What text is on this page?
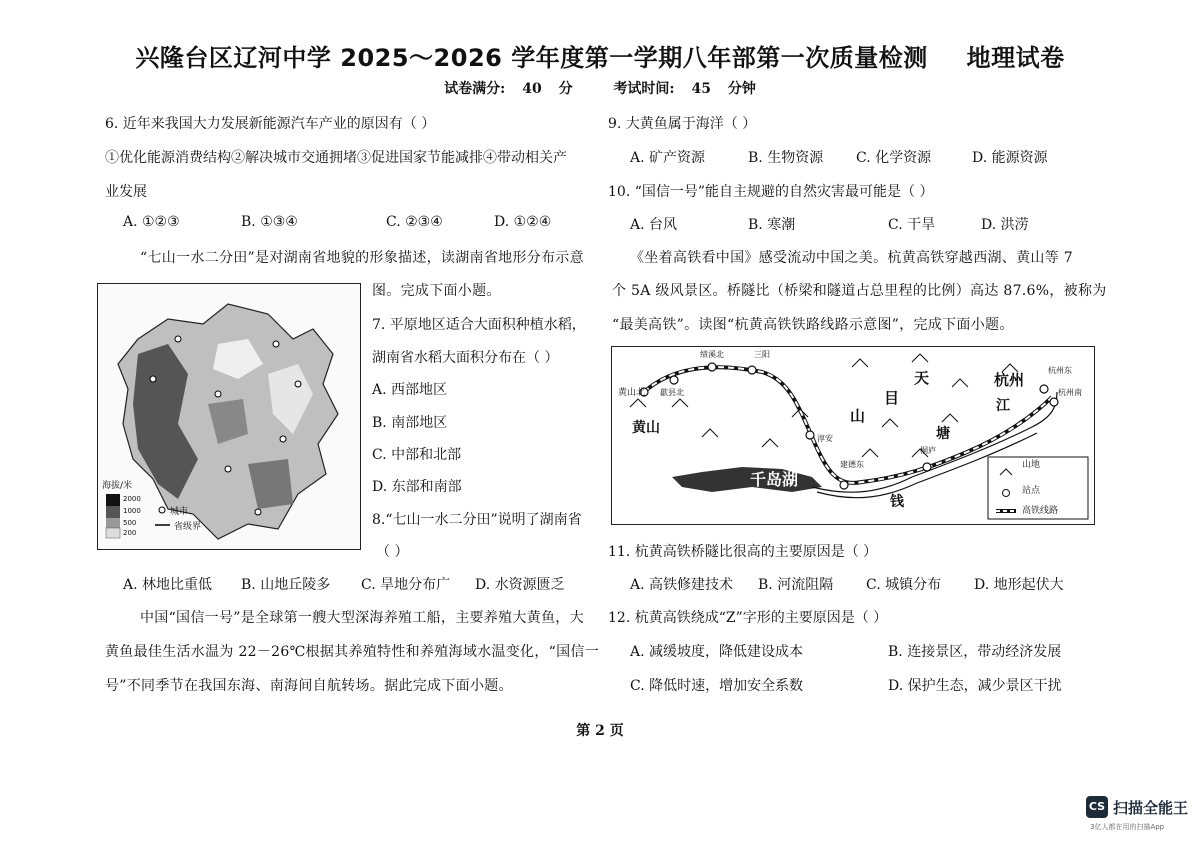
兴隆台区辽河中学 2025～2026 学年度第一学期八年部第一次质量检测 地理试卷
试卷满分: 40 分	考试时间: 45 分钟
6. 近年来我国大力发展新能源汽车产业的原因有（ ）
①优化能源消费结构②解决城市交通拥堵③促进国家节能减排④带动相关产
业发展
A. ①②③	B. ①③④	C. ②③④	D. ①②④
“七山一水二分田”是对湖南省地貌的形象描述，读湖南省地形分布示意
图。完成下面小题。
海拔/米
2000
1000
500
200
城市
省级界
7. 平原地区适合大面积种植水稻，
湖南省水稻大面积分布在（ ）
A. 西部地区
B. 南部地区
C. 中部和北部
D. 东部和南部
8.“七山一水二分田”说明了湖南省
（ ）
A. 林地比重低 B. 山地丘陵多 C. 旱地分布广 D. 水资源匮乏
中国“国信一号”是全球第一艘大型深海养殖工船，主要养殖大黄鱼，大
黄鱼最佳生活水温为 22－26℃根据其养殖特性和养殖海域水温变化，“国信一
号”不同季节在我国东海、南海间自航转场。据此完成下面小题。
9. 大黄鱼属于海洋（ ）
A. 矿产资源	B. 生物资源 C. 化学资源	D. 能源资源
10. “国信一号”能自主规避的自然灾害最可能是（ ）
A. 台风	B. 寒潮	C. 干旱	D. 洪涝
《坐着高铁看中国》感受流动中国之美。杭黄高铁穿越西湖、黄山等 7
个 5A 级风景区。桥隧比（桥梁和隧道占总里程的比例）高达 87.6%，被称为
“最美高铁”。读图“杭黄高铁铁路线路示意图”，完成下面小题。
黄山北 歙县北
绩溪北	三阳
淳安
建德东
桐庐
杭州东
杭州南
黄山
天
目
山
杭州
江
塘
钱
千岛湖
山地
站点
高铁线路
11. 杭黄高铁桥隧比很高的主要原因是（ ）
A. 高铁修建技术 B. 河流阻隔 C. 城镇分布 D. 地形起伏大
12. 杭黄高铁绕成“Z”字形的主要原因是（ ）
A. 减缓坡度，降低建设成本	B. 连接景区，带动经济发展
C. 降低时速，增加安全系数	D. 保护生态，减少景区干扰
第 2 页
CS 扫描全能王
3亿人都在用的扫描App
